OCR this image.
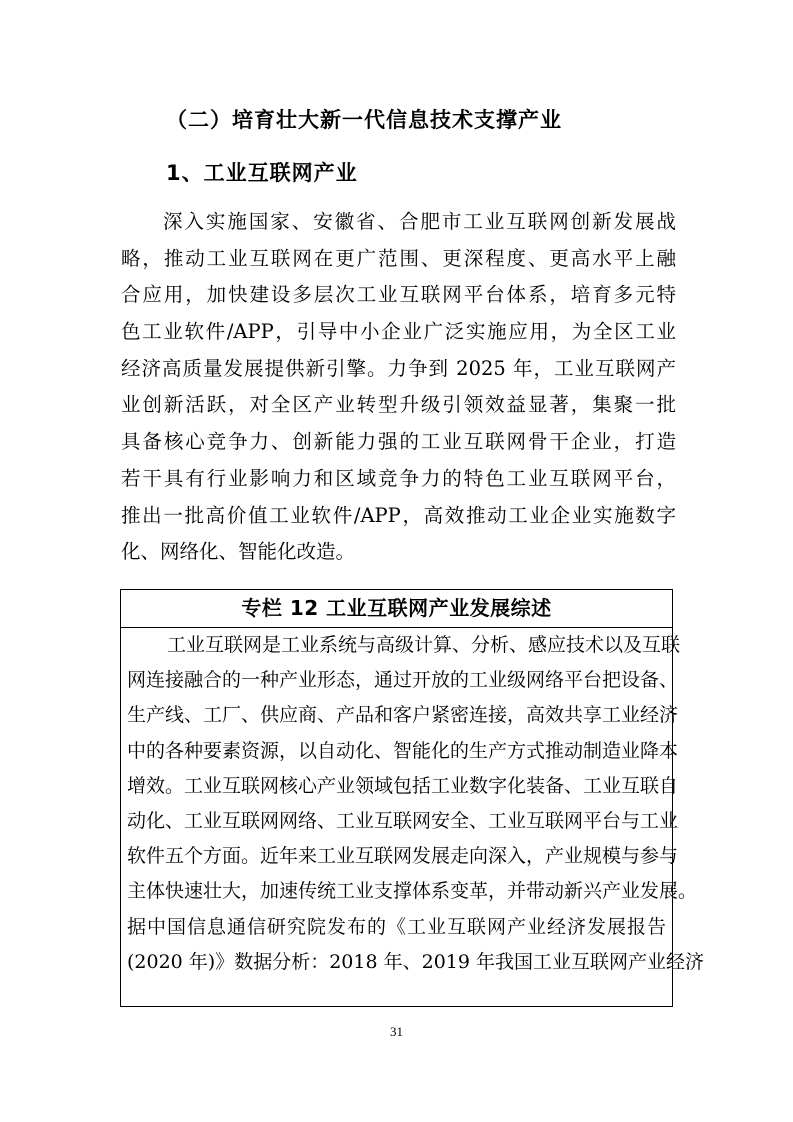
（二）培育壮大新一代信息技术支撑产业
1、工业互联网产业
深入实施国家、安徽省、合肥市工业互联网创新发展战
略，推动工业互联网在更广范围、更深程度、更高水平上融
合应用，加快建设多层次工业互联网平台体系，培育多元特
色工业软件/APP，引导中小企业广泛实施应用，为全区工业
经济高质量发展提供新引擎。力争到 2025 年，工业互联网产
业创新活跃，对全区产业转型升级引领效益显著，集聚一批
具备核心竞争力、创新能力强的工业互联网骨干企业，打造
若干具有行业影响力和区域竞争力的特色工业互联网平台，
推出一批高价值工业软件/APP，高效推动工业企业实施数字
化、网络化、智能化改造。
专栏 12 工业互联网产业发展综述
工业互联网是工业系统与高级计算、分析、感应技术以及互联
网连接融合的一种产业形态，通过开放的工业级网络平台把设备、
生产线、工厂、供应商、产品和客户紧密连接，高效共享工业经济
中的各种要素资源，以自动化、智能化的生产方式推动制造业降本
增效。工业互联网核心产业领域包括工业数字化装备、工业互联自
动化、工业互联网网络、工业互联网安全、工业互联网平台与工业
软件五个方面。近年来工业互联网发展走向深入，产业规模与参与
主体快速壮大，加速传统工业支撑体系变革，并带动新兴产业发展。
据中国信息通信研究院发布的《工业互联网产业经济发展报告
(2020 年)》数据分析：2018 年、2019 年我国工业互联网产业经济
31
